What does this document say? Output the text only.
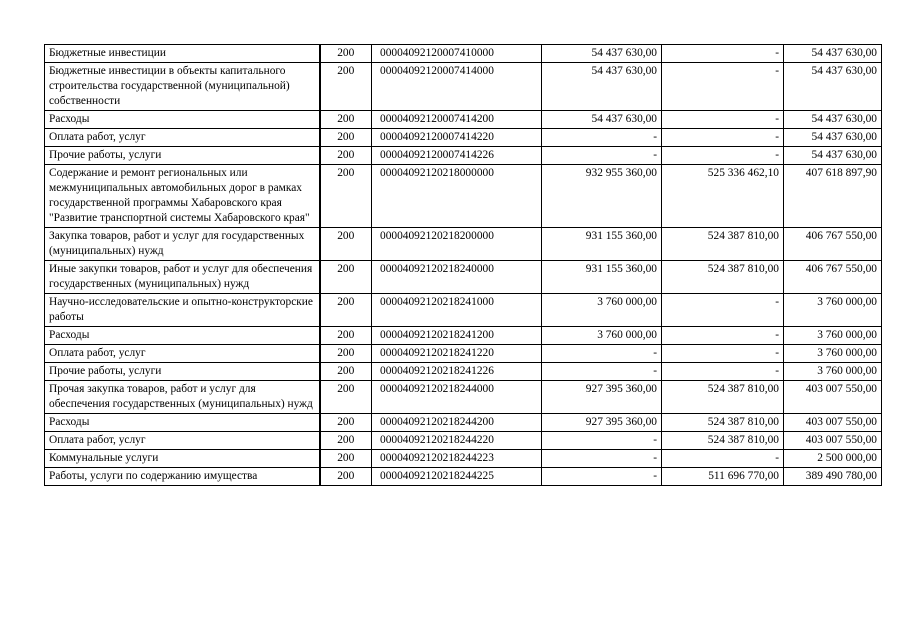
Бюджетные инвестиции	200	00004092120007410000	54 437 630,00	-	54 437 630,00
Бюджетные инвестиции в объекты капитального строительства государственной (муниципальной) собственности	200	00004092120007414000	54 437 630,00	-	54 437 630,00
Расходы	200	00004092120007414200	54 437 630,00	-	54 437 630,00
Оплата работ, услуг	200	00004092120007414220	-	-	54 437 630,00
Прочие работы, услуги	200	00004092120007414226	-	-	54 437 630,00
Содержание и ремонт региональных или межмуниципальных автомобильных дорог в рамках государственной программы Хабаровского края "Развитие транспортной системы Хабаровского края"	200	00004092120218000000	932 955 360,00	525 336 462,10	407 618 897,90
Закупка товаров, работ и услуг для государственных (муниципальных) нужд	200	00004092120218200000	931 155 360,00	524 387 810,00	406 767 550,00
Иные закупки товаров, работ и услуг для обеспечения государственных (муниципальных) нужд	200	00004092120218240000	931 155 360,00	524 387 810,00	406 767 550,00
Научно-исследовательские и опытно-конструкторские работы	200	00004092120218241000	3 760 000,00	-	3 760 000,00
Расходы	200	00004092120218241200	3 760 000,00	-	3 760 000,00
Оплата работ, услуг	200	00004092120218241220	-	-	3 760 000,00
Прочие работы, услуги	200	00004092120218241226	-	-	3 760 000,00
Прочая закупка товаров, работ и услуг для обеспечения государственных (муниципальных) нужд	200	00004092120218244000	927 395 360,00	524 387 810,00	403 007 550,00
Расходы	200	00004092120218244200	927 395 360,00	524 387 810,00	403 007 550,00
Оплата работ, услуг	200	00004092120218244220	-	524 387 810,00	403 007 550,00
Коммунальные услуги	200	00004092120218244223	-	-	2 500 000,00
Работы, услуги по содержанию имущества	200	00004092120218244225	-	511 696 770,00	389 490 780,00
